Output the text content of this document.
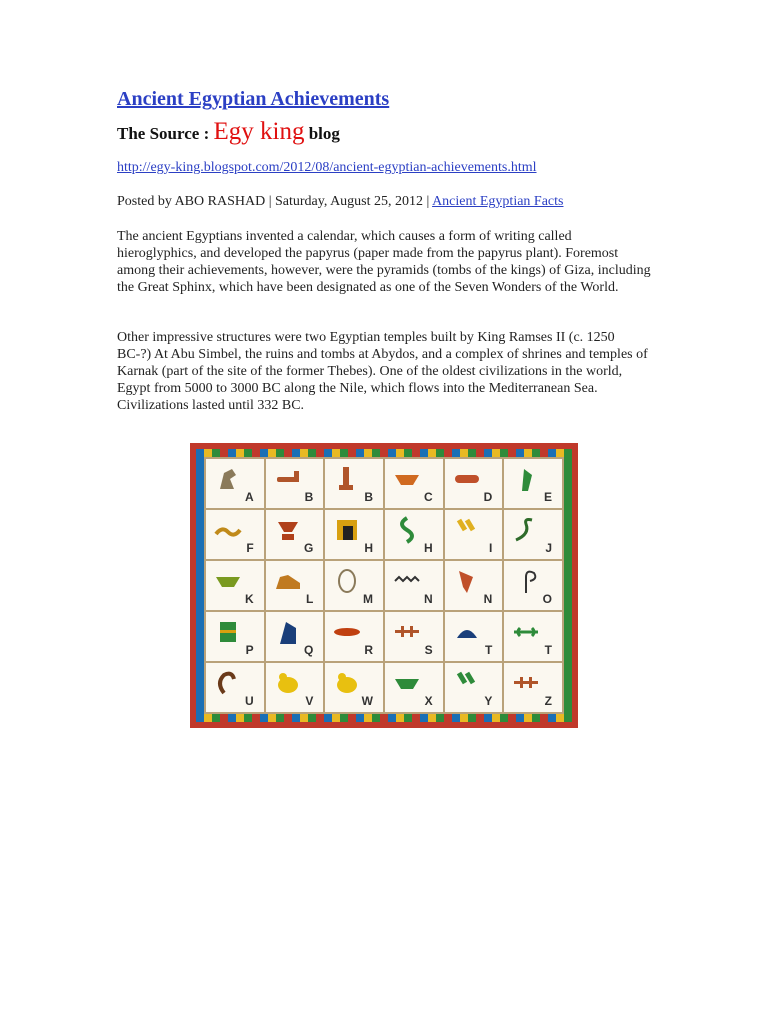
Ancient Egyptian Achievements
The Source : Egy king blog
http://egy-king.blogspot.com/2012/08/ancient-egyptian-achievements.html
Posted by ABO RASHAD | Saturday, August 25, 2012 | Ancient Egyptian Facts

The ancient Egyptians invented a calendar, which causes a form of writing called hieroglyphics, and developed the papyrus (paper made from the papyrus plant). Foremost among their achievements, however, were the pyramids (tombs of the kings) of Giza, including the Great Sphinx, which have been designated as one of the Seven Wonders of the World.

Other impressive structures were two Egyptian temples built by King Ramses II (c. 1250 BC-?) At Abu Simbel, the ruins and tombs at Abydos, and a complex of shrines and temples of Karnak (part of the site of the former Thebes). One of the oldest civilizations in the world, Egypt from 5000 to 3000 BC along the Nile, which flows into the Mediterranean Sea. Civilizations lasted until 332 BC.

A	B	B	C	D	E
F	G	H	H	I	J
K	L	M	N	N	O
P	Q	R	S	T	T
U	V	W	X	Y	Z
